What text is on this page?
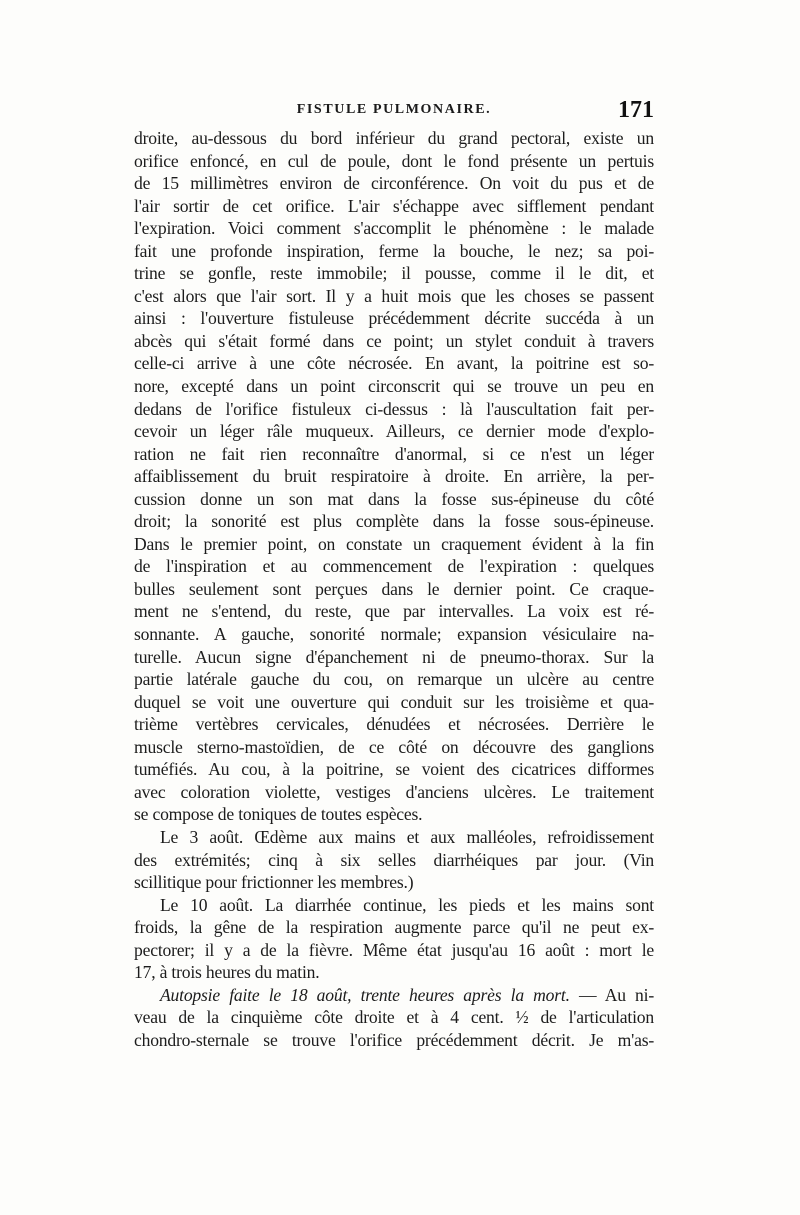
FISTULE PULMONAIRE.	171
droite, au-dessous du bord inférieur du grand pectoral, existe un
orifice enfoncé, en cul de poule, dont le fond présente un pertuis
de 15 millimètres environ de circonférence. On voit du pus et de
l'air sortir de cet orifice. L'air s'échappe avec sifflement pendant
l'expiration. Voici comment s'accomplit le phénomène : le malade
fait une profonde inspiration, ferme la bouche, le nez; sa poi-
trine se gonfle, reste immobile; il pousse, comme il le dit, et
c'est alors que l'air sort. Il y a huit mois que les choses se passent
ainsi : l'ouverture fistuleuse précédemment décrite succéda à un
abcès qui s'était formé dans ce point; un stylet conduit à travers
celle-ci arrive à une côte nécrosée. En avant, la poitrine est so-
nore, excepté dans un point circonscrit qui se trouve un peu en
dedans de l'orifice fistuleux ci-dessus : là l'auscultation fait per-
cevoir un léger râle muqueux. Ailleurs, ce dernier mode d'explo-
ration ne fait rien reconnaître d'anormal, si ce n'est un léger
affaiblissement du bruit respiratoire à droite. En arrière, la per-
cussion donne un son mat dans la fosse sus-épineuse du côté
droit; la sonorité est plus complète dans la fosse sous-épineuse.
Dans le premier point, on constate un craquement évident à la fin
de l'inspiration et au commencement de l'expiration : quelques
bulles seulement sont perçues dans le dernier point. Ce craque-
ment ne s'entend, du reste, que par intervalles. La voix est ré-
sonnante. A gauche, sonorité normale; expansion vésiculaire na-
turelle. Aucun signe d'épanchement ni de pneumo-thorax. Sur la
partie latérale gauche du cou, on remarque un ulcère au centre
duquel se voit une ouverture qui conduit sur les troisième et qua-
trième vertèbres cervicales, dénudées et nécrosées. Derrière le
muscle sterno-mastoïdien, de ce côté on découvre des ganglions
tuméfiés. Au cou, à la poitrine, se voient des cicatrices difformes
avec coloration violette, vestiges d'anciens ulcères. Le traitement
se compose de toniques de toutes espèces.
Le 3 août. Œdème aux mains et aux malléoles, refroidissement
des extrémités; cinq à six selles diarrhéiques par jour. (Vin
scillitique pour frictionner les membres.)
Le 10 août. La diarrhée continue, les pieds et les mains sont
froids, la gêne de la respiration augmente parce qu'il ne peut ex-
pectorer; il y a de la fièvre. Même état jusqu'au 16 août : mort le
17, à trois heures du matin.
Autopsie faite le 18 août, trente heures après la mort. — Au ni-
veau de la cinquième côte droite et à 4 cent. ½ de l'articulation
chondro-sternale se trouve l'orifice précédemment décrit. Je m'as-
